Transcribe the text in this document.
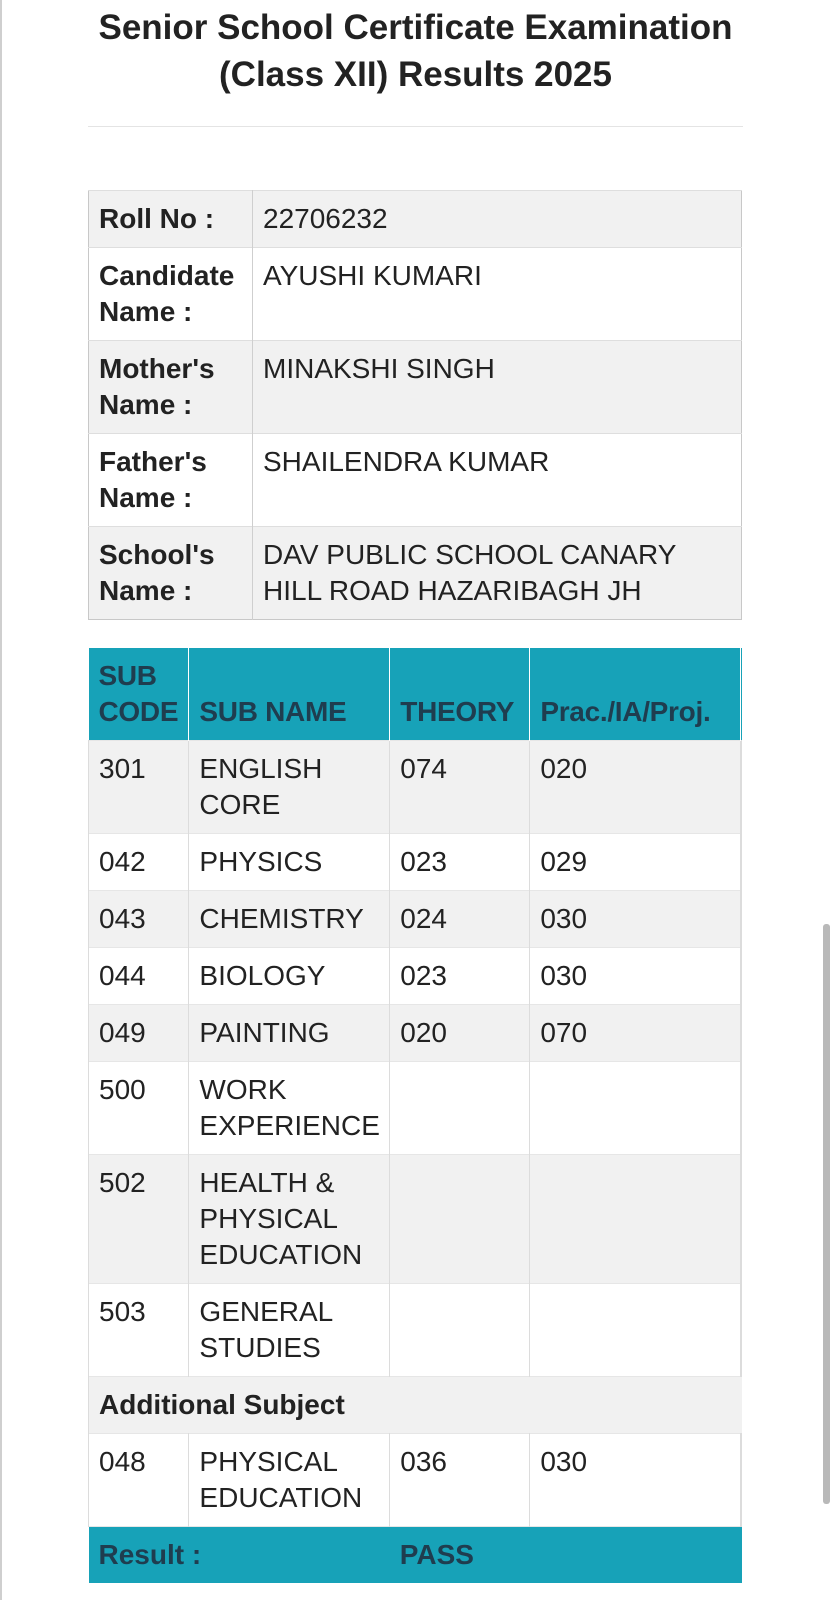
Senior School Certificate Examination (Class XII) Results 2025
Roll No :	22706232
Candidate Name :	AYUSHI KUMARI
Mother's Name :	MINAKSHI SINGH
Father's Name :	SHAILENDRA KUMAR
School's Name :	DAV PUBLIC SCHOOL CANARY HILL ROAD HAZARIBAGH JH
SUB CODE	SUB NAME	THEORY	Prac./IA/Proj.	
301	ENGLISH CORE	074	020	
042	PHYSICS	023	029	
043	CHEMISTRY	024	030	
044	BIOLOGY	023	030	
049	PAINTING	020	070	
500	WORK EXPERIENCE			
502	HEALTH & PHYSICAL EDUCATION			
503	GENERAL STUDIES			
Additional Subject				
048	PHYSICAL EDUCATION	036	030	
Result :		PASS		
